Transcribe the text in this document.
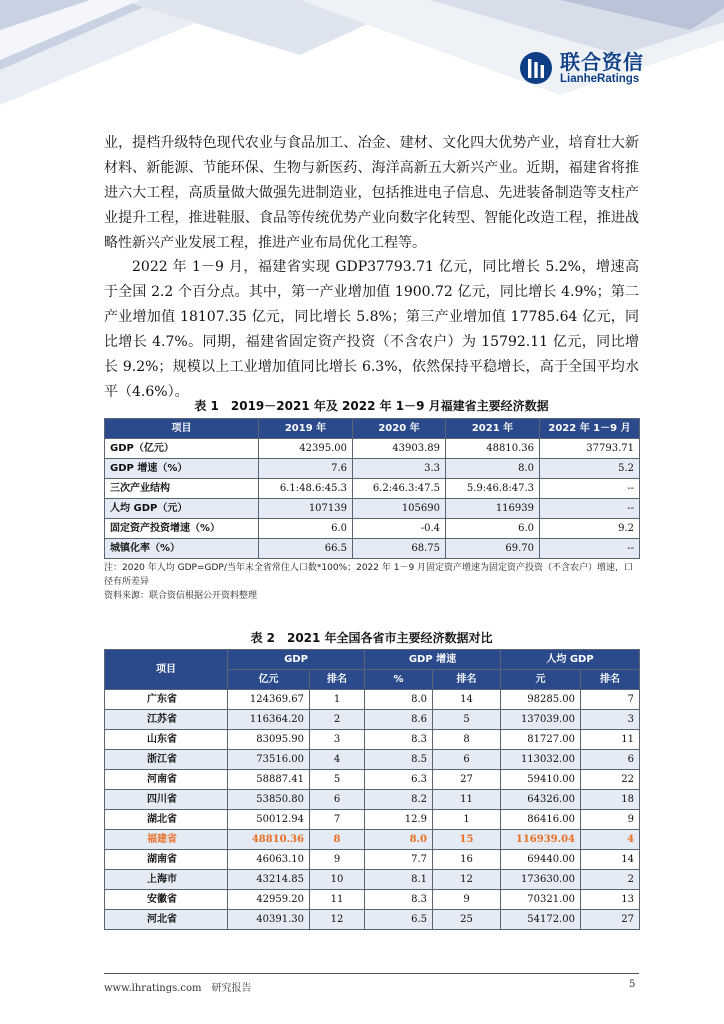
联合资信
LianheRatings

业，提档升级特色现代农业与食品加工、冶金、建材、文化四大优势产业，培育壮大新材料、新能源、节能环保、生物与新医药、海洋高新五大新兴产业。近期，福建省将推进六大工程，高质量做大做强先进制造业，包括推进电子信息、先进装备制造等支柱产业提升工程，推进鞋服、食品等传统优势产业向数字化转型、智能化改造工程，推进战略性新兴产业发展工程，推进产业布局优化工程等。

2022 年 1－9 月，福建省实现 GDP37793.71 亿元，同比增长 5.2%，增速高于全国 2.2 个百分点。其中，第一产业增加值 1900.72 亿元，同比增长 4.9%；第二产业增加值 18107.35 亿元，同比增长 5.8%；第三产业增加值 17785.64 亿元，同比增长 4.7%。同期，福建省固定资产投资（不含农户）为 15792.11 亿元，同比增长 9.2%；规模以上工业增加值同比增长 6.3%，依然保持平稳增长，高于全国平均水平（4.6%）。

表 1　2019－2021 年及 2022 年 1－9 月福建省主要经济数据
项目	2019 年	2020 年	2021 年	2022 年 1－9 月
GDP（亿元）	42395.00	43903.89	48810.36	37793.71
GDP 增速（%）	7.6	3.3	8.0	5.2
三次产业结构	6.1:48.6:45.3	6.2:46.3:47.5	5.9:46.8:47.3	--
人均 GDP（元）	107139	105690	116939	--
固定资产投资增速（%）	6.0	-0.4	6.0	9.2
城镇化率（%）	66.5	68.75	69.70	--

注：2020 年人均 GDP=GDP/当年末全省常住人口数*100%；2022 年 1－9 月固定资产增速为固定资产投资（不含农户）增速，口径有所差异

资料来源：联合资信根据公开资料整理

表 2　2021 年全国各省市主要经济数据对比
项目	GDP		GDP 增速		人均 GDP	
	亿元	排名	%	排名	元	排名
广东省	124369.67	1	8.0	14	98285.00	7
江苏省	116364.20	2	8.6	5	137039.00	3
山东省	83095.90	3	8.3	8	81727.00	11
浙江省	73516.00	4	8.5	6	113032.00	6
河南省	58887.41	5	6.3	27	59410.00	22
四川省	53850.80	6	8.2	11	64326.00	18
湖北省	50012.94	7	12.9	1	86416.00	9
福建省	48810.36	8	8.0	15	116939.04	4
湖南省	46063.10	9	7.7	16	69440.00	14
上海市	43214.85	10	8.1	12	173630.00	2
安徽省	42959.20	11	8.3	9	70321.00	13
河北省	40391.30	12	6.5	25	54172.00	27
www.lhratings.com　研究报告	5
